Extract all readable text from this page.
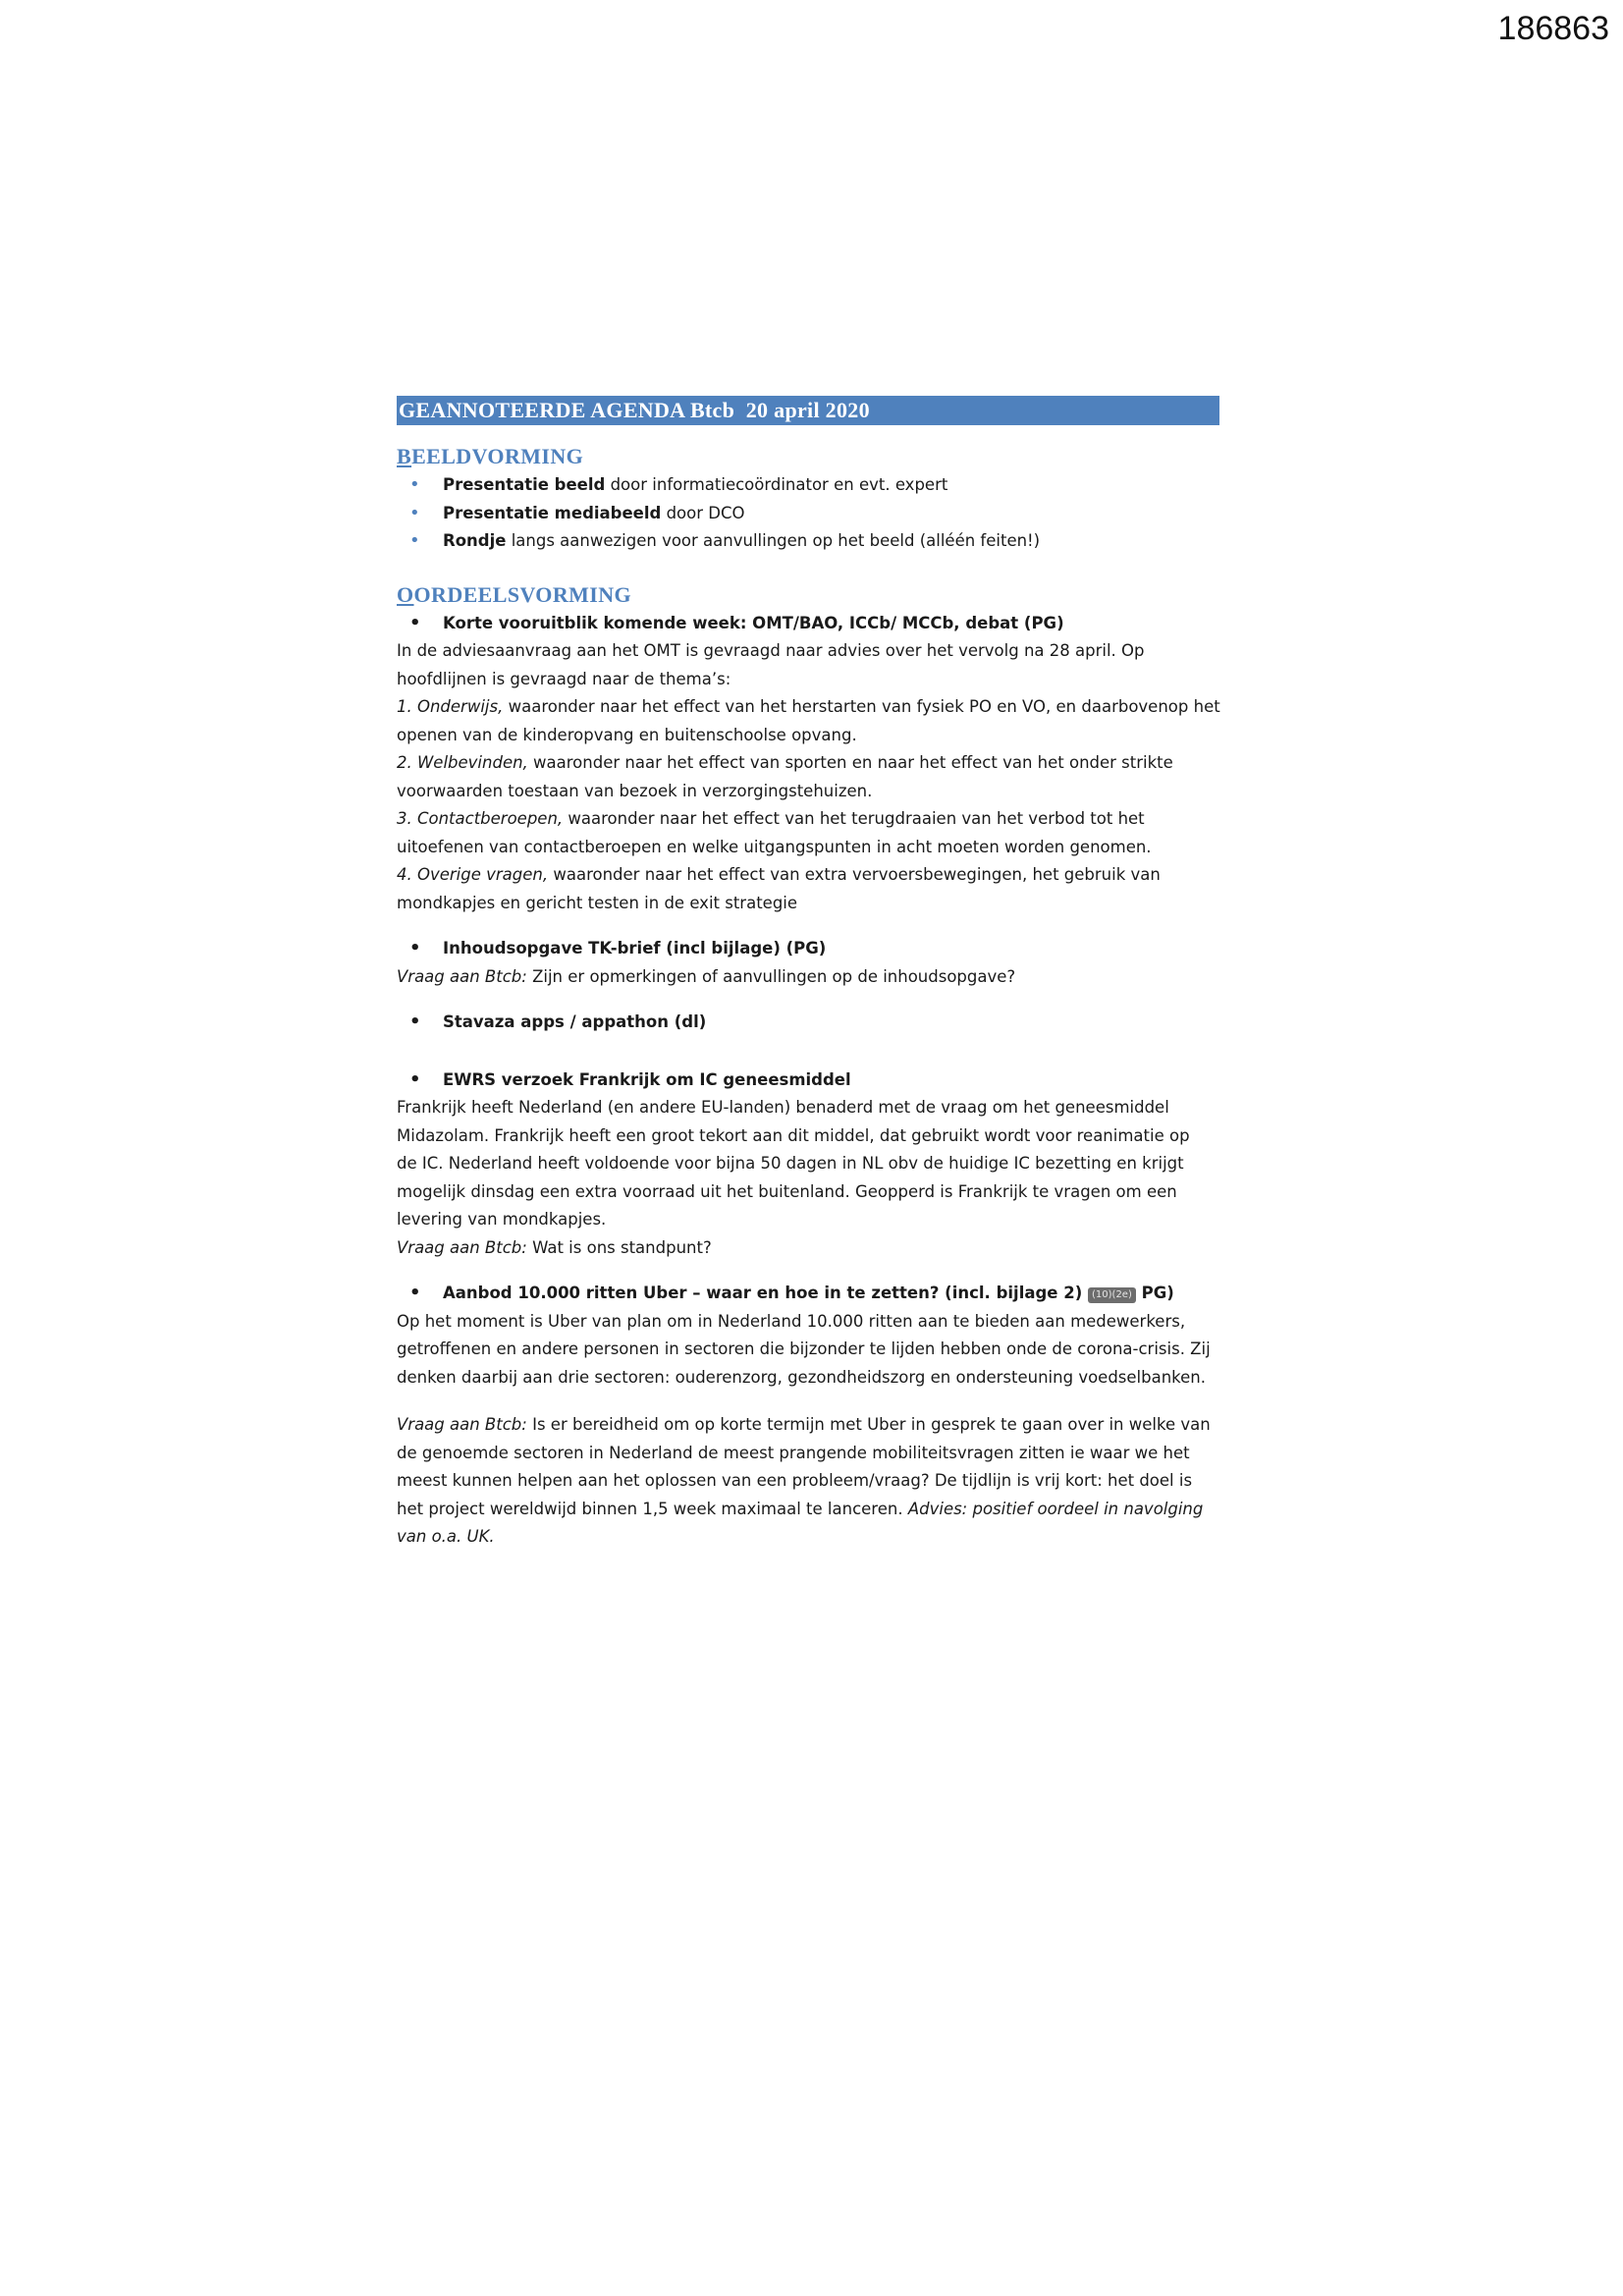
186863
GEANNOTEERDE AGENDA Btcb  20 april 2020
BEELDVORMING
• Presentatie beeld door informatiecoördinator en evt. expert
• Presentatie mediabeeld door DCO
• Rondje langs aanwezigen voor aanvullingen op het beeld (alléén feiten!)
OORDEELSVORMING
• Korte vooruitblik komende week: OMT/BAO, ICCb/ MCCb, debat (PG)

In de adviesaanvraag aan het OMT is gevraagd naar advies over het vervolg na 28 april. Op

hoofdlijnen is gevraagd naar de thema’s:

1. Onderwijs, waaronder naar het effect van het herstarten van fysiek PO en VO, en daarbovenop het

openen van de kinderopvang en buitenschoolse opvang.

2. Welbevinden, waaronder naar het effect van sporten en naar het effect van het onder strikte

voorwaarden toestaan van bezoek in verzorgingstehuizen.

3. Contactberoepen, waaronder naar het effect van het terugdraaien van het verbod tot het

uitoefenen van contactberoepen en welke uitgangspunten in acht moeten worden genomen.

4. Overige vragen, waaronder naar het effect van extra vervoersbewegingen, het gebruik van

mondkapjes en gericht testen in de exit strategie

• Inhoudsopgave TK-brief (incl bijlage) (PG)

Vraag aan Btcb: Zijn er opmerkingen of aanvullingen op de inhoudsopgave?

• Stavaza apps / appathon (dl)
• EWRS verzoek Frankrijk om IC geneesmiddel

Frankrijk heeft Nederland (en andere EU-landen) benaderd met de vraag om het geneesmiddel

Midazolam. Frankrijk heeft een groot tekort aan dit middel, dat gebruikt wordt voor reanimatie op

de IC. Nederland heeft voldoende voor bijna 50 dagen in NL obv de huidige IC bezetting en krijgt

mogelijk dinsdag een extra voorraad uit het buitenland. Geopperd is Frankrijk te vragen om een

levering van mondkapjes.

Vraag aan Btcb: Wat is ons standpunt?

• Aanbod 10.000 ritten Uber – waar en hoe in te zetten? (incl. bijlage 2) (10)(2e) PG)

Op het moment is Uber van plan om in Nederland 10.000 ritten aan te bieden aan medewerkers,

getroffenen en andere personen in sectoren die bijzonder te lijden hebben onde de corona-crisis. Zij

denken daarbij aan drie sectoren: ouderenzorg, gezondheidszorg en ondersteuning voedselbanken.

Vraag aan Btcb: Is er bereidheid om op korte termijn met Uber in gesprek te gaan over in welke van

de genoemde sectoren in Nederland de meest prangende mobiliteitsvragen zitten ie waar we het

meest kunnen helpen aan het oplossen van een probleem/vraag? De tijdlijn is vrij kort: het doel is

het project wereldwijd binnen 1,5 week maximaal te lanceren. Advies: positief oordeel in navolging

van o.a. UK.
